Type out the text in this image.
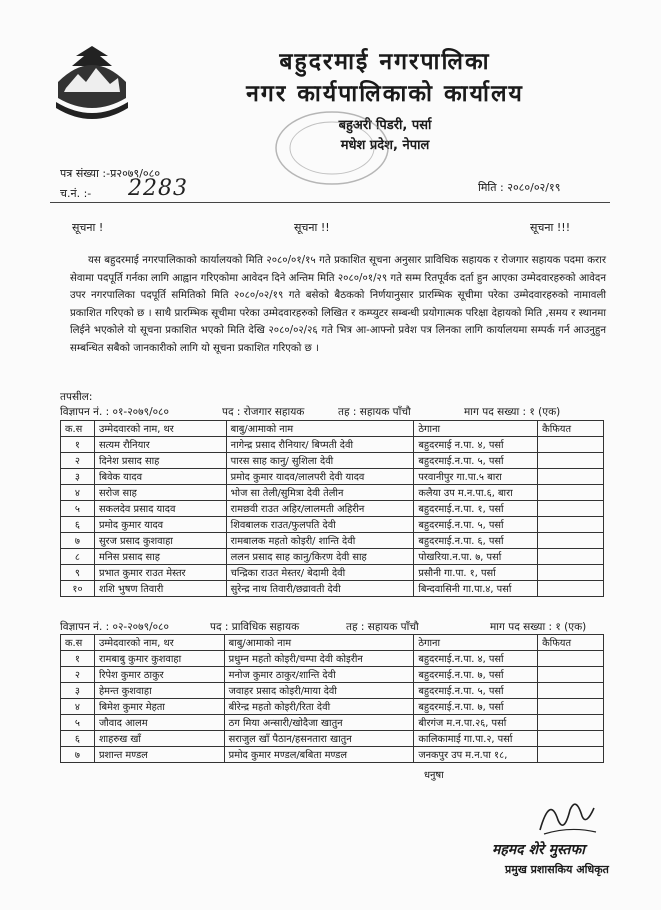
बहुदरमाई नगरपालिका
नगर कार्यपालिकाको कार्यालय
बहुअरी पिडरी, पर्सा
मधेश प्रदेश, नेपाल
पत्र संख्या :-प्र२०७९/०८०
च.नं. :- 2283	मिति : २०८०/०२/१९
सूचना !	सूचना !!	सूचना !!!
यस बहुदरमाई नगरपालिकाको कार्यालयको मिति २०८०/०१/१५ गते प्रकाशित सूचना अनुसार प्राविधिक सहायक र रोजगार सहायक पदमा करार सेवामा पदपूर्ति गर्नका लागि आह्वान गरिएकोमा आवेदन दिने अन्तिम मिति २०८०/०१/२९ गते सम्म रितपूर्वक दर्ता हुन आएका उम्मेदवारहरुको आवेदन उपर नगरपालिका पदपूर्ति समितिको मिति २०८०/०२/१९ गते बसेको बैठकको निर्णयानुसार प्रारम्भिक सूचीमा परेका उम्मेदवारहरुको नामावली प्रकाशित गरिएको छ । साथै प्रारम्भिक सूचीमा परेका उम्मेदवारहरुको लिखित र कम्प्युटर सम्बन्धी प्रयोगात्मक परिक्षा देहायको मिति ,समय र स्थानमा लिईने भएकोले यो सूचना प्रकाशित भएको मिति देखि २०८०/०२/२६ गते भित्र आ-आफ्नो प्रवेश पत्र लिनका लागि कार्यालयमा सम्पर्क गर्न आउनुहुन सम्बन्धित सबैको जानकारीको लागि यो सूचना प्रकाशित गरिएको छ ।
तपसील:
विज्ञापन नं. : ०१-२०७९/०८०	पद : रोजगार सहायक	तह : सहायक पाँचौ	माग पद सख्या : १ (एक)
क.स	उम्मेदवारको नाम, थर	बाबु/आमाको नाम	ठेगाना	कैफियत
१	सत्यम रौनियार	नागेन्द्र प्रसाद रौनियार/ बिप्मती देवी	बहुदरमाई न.पा. ४, पर्सा	
२	दिनेश प्रसाद साह	पारस साह कानु/ सुशिला देवी	बहुदरमाई.न.पा. ५, पर्सा	
३	बिवेक यादव	प्रमोद कुमार यादव/लालपरी देवी यादव	परवानीपुर गा.पा.५ बारा	
४	सरोज साह	भोज सा तेली/सुमित्रा देवी तेलीन	कलैया उप म.न.पा.६, बारा	
५	सकलदेव प्रसाद यादव	रामछवी राउत अहिर/लालमती अहिरीन	बहुदरमाई.न.पा. १, पर्सा	
६	प्रमोद कुमार यादव	शिवबालक राउत/फुलपति देवी	बहुदरमाई.न.पा. ५, पर्सा	
७	सुरज प्रसाद कुशवाहा	रामबालक महतो कोइरी/ शान्ति देवी	बहुदरमाई.न.पा. ६, पर्सा	
८	मनिस प्रसाद साह	ललन प्रसाद साह कानु/किरण देवी साह	पोखरिया.न.पा. ७, पर्सा	
९	प्रभात कुमार राउत मेस्तर	चन्द्रिका राउत मेस्तर/ बेदामी देवी	प्रसौनी गा.पा. १, पर्सा	
१०	शशि भुषण तिवारी	सुरेन्द्र नाथ तिवारी/छव्रावती देवी	बिन्दवासिनी गा.पा.४, पर्सा	
विज्ञापन नं. : ०२-२०७९/०८०	पद : प्राविधिक सहायक	तह : सहायक पाँचौ	माग पद सख्या : १ (एक)
क.स	उम्मेदवारको नाम, थर	बाबु/आमाको नाम	ठेगाना	कैफियत
१	रामबाबु कुमार कुशवाहा	प्रधुम्न महतो कोइरी/चम्पा देवी कोइरीन	बहुदरमाई.न.पा. ४, पर्सा	
२	रिपेश कुमार ठाकुर	मनोज कुमार ठाकुर/शान्ति देवी	बहुदरमाई.न.पा. ७, पर्सा	
३	हेमन्त कुशवाहा	जवाहर प्रसाद कोइरी/माया देवी	बहुदरमाई.न.पा. ५, पर्सा	
४	बिमेश कुमार मेहता	बीरेन्द्र महतो कोइरी/रिता देवी	बहुदरमाई.न.पा. ७, पर्सा	
५	जौवाद आलम	ठग मिया अन्सारी/खोदैजा खातुन	बीरगंज म.न.पा.२६, पर्सा	
६	शाहरुख खाँ	सराजुल खाँ पैठान/हसनतारा खातुन	कालिकामाई गा.पा.२, पर्सा	
७	प्रशान्त मण्डल	प्रमोद कुमार मण्डल/बबिता मण्डल	जनकपुर उप म.न.पा १८,	
धनुषा
महमद शेरे मुस्तफा
प्रमुख प्रशासकिय अधिकृत
